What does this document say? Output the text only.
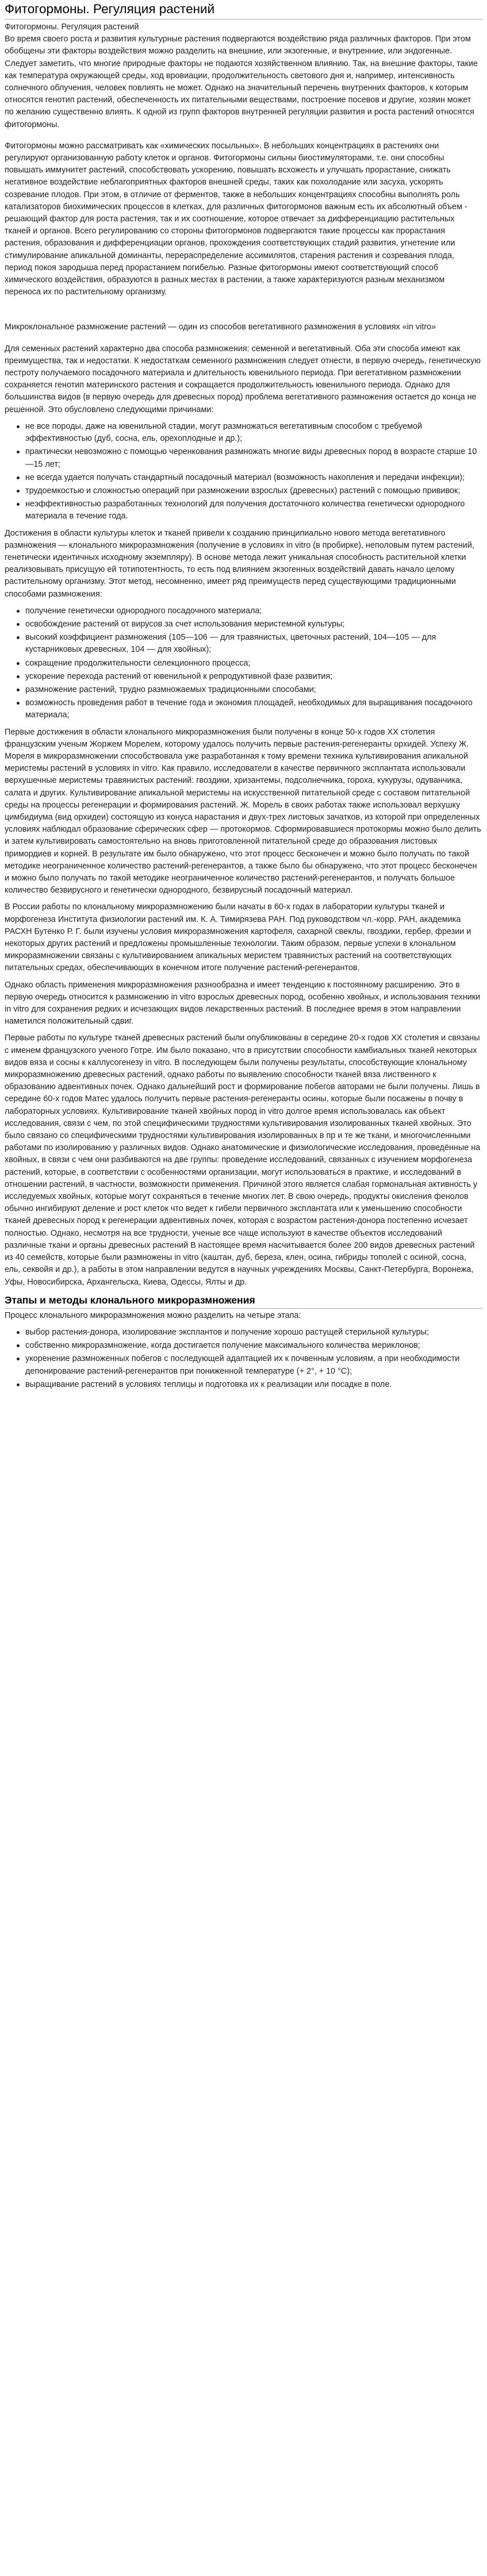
Фитогормоны. Регуляция растений
Фитогормоны. Регуляция растений

Во время своего роста и развития культурные растения подвергаются воздействию ряда различных факторов. При этом обобщены эти факторы воздействия можно разделить на внешние, или экзогенные, и внутренние, или эндогенные. Следует заметить, что многие природные факторы не подаются хозяйственном влиянию. Так, на внешние факторы, такие как температура окружающей среды, ход вровиации, продолжительность светового дня и, например, интенсивность солнечного облучения, человек повлиять не может. Однако на значительный перечень внутренних факторов, к которым относятся генотип растений, обеспеченность их питательными веществами, построение посевов и другие, хозяин может по желанию существенно влиять. К одной из групп факторов внутренней регуляции развития и роста растений относятся фитогормоны.

Фитогормоны можно рассматривать как «химических посыльных». В небольших концентрациях в растениях они регулируют организованную работу клеток и органов. Фитогормоны сильны биостимуляторами, т.е. они способны повышать иммунитет растений, способствовать ускорению, повышать всхожесть и улучшать прорастание, снижать негативное воздействие неблагоприятных факторов внешней среды, таких как похолодание или засуха, ускорять созревание плодов. При этом, в отличие от ферментов, также в небольших концентрациях способны выполнять роль катализаторов биохимических процессов в клетках, для различных фитогормонов важным есть их абсолютный объем - решающий фактор для роста растения, так и их соотношение, которое отвечает за дифференциацию растительных тканей и органов. Всего регулированию со стороны фитогормонов подвергаются такие процессы как прорастания растения, образования и дифференциации органов, прохождения соответствующих стадий развития, угнетение или стимулирование апикальной доминанты, перераспределение ассимилятов, старения растения и созревания плода, период покоя зародыша перед прорастанием погибелью. Разные фитогормоны имеют соответствующий способ химического воздействия, образуются в разных местах в растении, а также характеризуются разным механизмом переноса их по растительному организму.

Микроклональное размножение растений — один из способов вегетативного размножения в условиях «in vitro»

Для семенных растений характерно два способа размножения: семенной и вегетативный. Оба эти способа имеют как преимущества, так и недостатки. К недостаткам семенного размножения следует отнести, в первую очередь, генетическую пестроту получаемого посадочного материала и длительность ювенильного периода. При вегетативном размножении сохраняется генотип материнского растения и сокращается продолжительность ювенильного периода. Однако для большинства видов (в первую очередь для древесных пород) проблема вегетативного размножения остается до конца не решенной. Это обусловлено следующими причинами:

не все породы, даже на ювенильной стадии, могут размножаться вегетативным способом с требуемой эффективностью (дуб, сосна, ель, орехоплодные и др.);
практически невозможно с помощью черенкования размножать многие виды древесных пород в возрасте старше 10—15 лет;
не всегда удается получать стандартный посадочный материал (возможность накопления и передачи инфекции);
трудоемкостью и сложностью операций при размножении взрослых (древесных) растений с помощью прививок;
неэффективностью разработанных технологий для получения достаточного количества генетически однородного материала в течение года.

Достижения в области культуры клеток и тканей привели к созданию принципиально нового метода вегетативного размножения — клонального микроразмножения (получение в условиях in vitro (в пробирке), неполовым путем растений, генетически идентичных исходному экземпляру). В основе метода лежит уникальная способность растительной клетки реализовывать присущую ей тотипотентность, то есть под влиянием экзогенных воздействий давать начало целому растительному организму. Этот метод, несомненно, имеет ряд преимуществ перед существующими традиционными способами размножения:

получение генетически однородного посадочного материала;
освобождение растений от вирусов за счет использования меристемной культуры;
высокий коэффициент размножения (105—106 — для травянистых, цветочных растений, 104—105 — для кустарниковых древесных, 104 — для хвойных);
сокращение продолжительности селекционного процесса;
ускорение перехода растений от ювенильной к репродуктивной фазе развития;
размножение растений, трудно размножаемых традиционными способами;
возможность проведения работ в течение года и экономия площадей, необходимых для выращивания посадочного материала;

Первые достижения в области клонального микроразмножения были получены в конце 50-х годов XX столетия французским ученым Жоржем Морелем, которому удалось получить первые растения-регенеранты орхидей. Успеху Ж. Мореля в микроразмножении способствовала уже разработанная к тому времени техника культивирования апикальной меристемы растений в условиях in vitro. Как правило, исследователи в качестве первичного эксплантата использовали верхушечные меристемы травянистых растений: гвоздики, хризантемы, подсолнечника, горохa, кукурузы, одуванчика, салата и других. Культивирование апикальной меристемы на искусственной питательной среде с составом питательной среды на процессы регенерации и формирования растений. Ж. Морель в своих работах также использовал верхушку цимбидиума (вид орхидеи) состоящую из конуса нарастания и двух-трех листовых зачатков, из которой при определенных условиях наблюдал образование сферических сфер — протокормов. Сформировавшиеся протокормы можно было делить и затем культивировать самостоятельно на вновь приготовленной питательной среде до образования листовых примордиев и корней. В результате им было обнаружено, что этот процесс бесконечен и можно было получать по такой методике неограниченное количество растений-регенерантов, а также было бы обнаружено, что этот процесс бесконечен и можно было получать по такой методике неограниченное количество растений-регенерантов, и получать большое количество безвирусного и генетически однородного, безвирусный посадочный материал.

В России работы по клональному микроразмножению были начаты в 60-х годах в лаборатории культуры тканей и морфогенеза Института физиологии растений им. К. А. Тимирязева РАН. Под руководством чл.-корр. РАН, академика РАСХН Бутенко Р. Г. были изучены условия микроразмножения картофеля, сахарной свеклы, гвоздики, гербер, фрезии и некоторых других растений и предложены промышленные технологии. Таким образом, первые успехи в клональном микроразмножении связаны с культивированием апикальных меристем травянистых растений на соответствующих питательных средах, обеспечивающих в конечном итоге получение растений-регенерантов.

Однако область применения микроразмножения разнообразна и имеет тенденцию к постоянному расширению. Это в первую очередь относится к размножению in vitro взрослых древесных пород, особенно хвойных, и использования техники in vitro для сохранения редких и исчезающих видов лекарственных растений. В последнее время в этом направлении наметился положительный сдвиг.

Первые работы по культуре тканей древесных растений были опубликованы в середине 20-х годов XX столетия и связаны с именем французского ученого Готре. Им было показано, что в присутствии способности камбиальных тканей некоторых видов вяза и сосны к каллусогенезу in vitro. В последующем были получены результаты, способствующие клональному микроразмножению древесных растений, однако работы по выявлению способности тканей вяза лиственного к образованию адвентивных почек. Однако дальнейший рост и формирование побегов авторами не были получены. Лишь в середине 60-х годов Матес удалось получить первые растения-регенеранты осины, которые были посажены в почву в лабораторных условиях. Культивирование тканей хвойных пород in vitro долгое время использовалась как объект исследования, связи с чем, по этой специфическими трудностями культивирования изолированных тканей хвойных. Это было связано со специфическими трудностями культивирования изолированных в пр и те же ткани, и многочисленными работами по изолированию у различных видов. Однако анатомические и физиологические исследования, проведённые на хвойных, в связи с чем они разбиваются на две группы: проведение исследований, связанных с изучением морфогенеза растений, которые, в соответствии с особенностями организации, могут использоваться в практике, и исследований в отношении растений, в частности, возможности применения. Причиной этого является слабая гормональная активность у исследуемых хвойных, которые могут сохраняться в течение многих лет. В свою очередь, продукты окисления фенолов обычно ингибируют деление и рост клеток что ведет к гибели первичного эксплантата или к уменьшению способности тканей древесных пород к регенерации адвентивных почек, которая с возрастом растения-донора постепенно исчезает полностью. Однако, несмотря на все трудности, ученые все чаще используют в качестве объектов исследований различные ткани и органы древесных растений В настоящее время насчитывается более 200 видов древесных растений из 40 семейств, которые были размножены in vitro (каштан, дуб, береза, клен, осина, гибриды тополей с осиной, сосна, ель, секвойя и др.), а работы в этом направлении ведутся в научных учреждениях Москвы, Санкт-Петербурга, Воронежа, Уфы, Новосибирска, Архангельска, Киева, Одессы, Ялты и др.

Этапы и методы клонального микроразмножения

Процесс клонального микроразмножения можно разделить на четыре этапа:

выбор растения-донора, изолирование эксплантов и получение хорошо растущей стерильной культуры;
собственно микроразмножение, когда достигается получение максимального количества мериклонов;
укоренение размноженных побегов с последующей адаптацией их к почвенным условиям, а при необходимости депонирование растений-регенерантов при пониженной температуре (+ 2°, + 10 °С);
выращивание растений в условиях теплицы и подготовка их к реализации или посадке в поле.
